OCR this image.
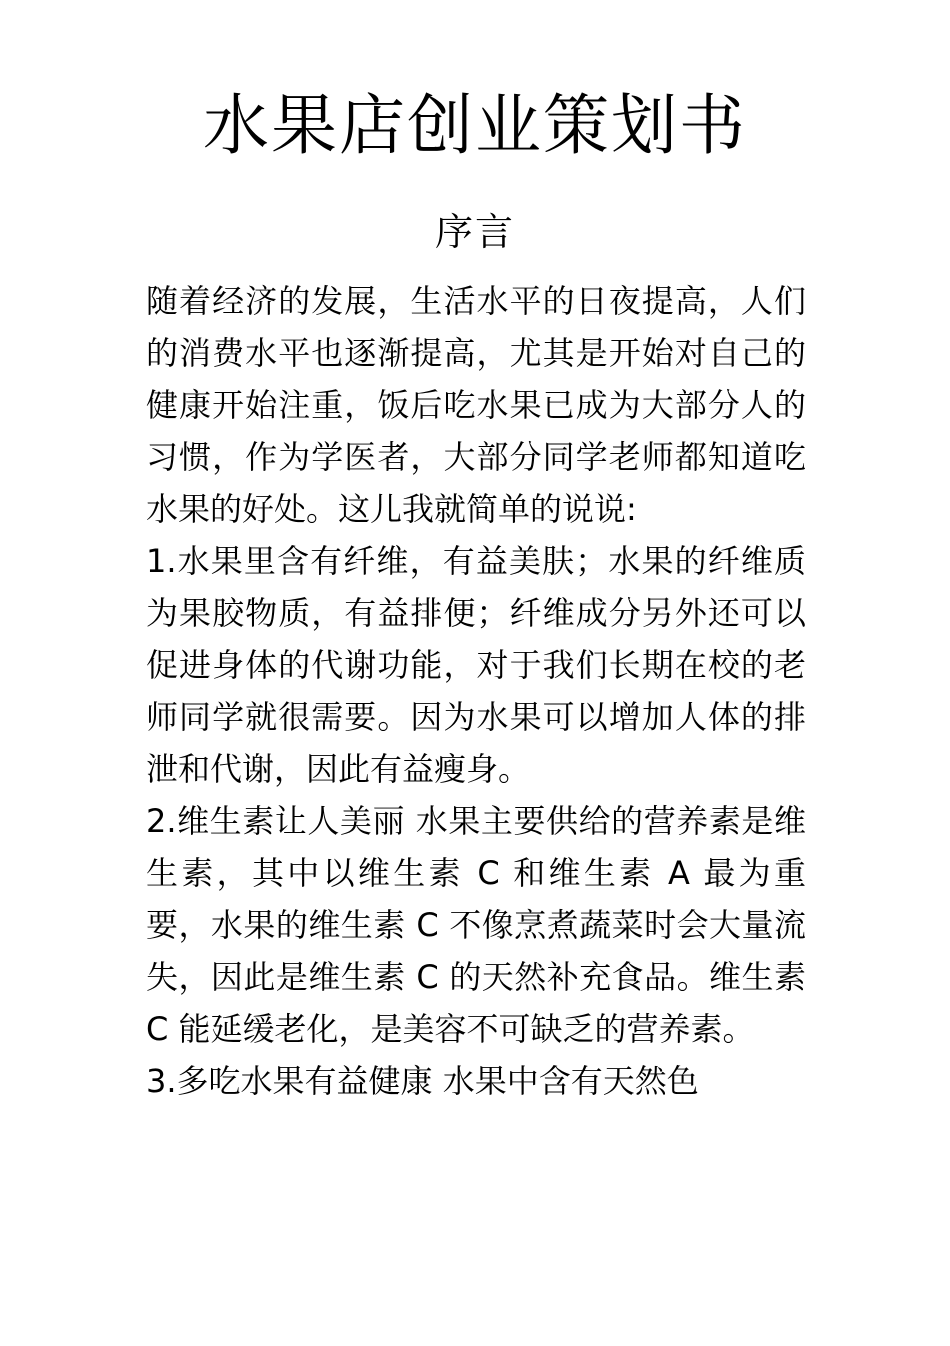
水果店创业策划书
序言

随着经济的发展，生活水平的日夜提高，人们的消费水平也逐渐提高，尤其是开始对自己的健康开始注重，饭后吃水果已成为大部分人的习惯，作为学医者，大部分同学老师都知道吃水果的好处。这儿我就简单的说说:

1.水果里含有纤维，有益美肤；水果的纤维质为果胶物质，有益排便；纤维成分另外还可以促进身体的代谢功能，对于我们长期在校的老师同学就很需要。因为水果可以增加人体的排泄和代谢，因此有益瘦身。

2.维生素让人美丽 水果主要供给的营养素是维生素，其中以维生素 C 和维生素 A 最为重要，水果的维生素 C 不像烹煮蔬菜时会大量流失，因此是维生素 C 的天然补充食品。维生素 C 能延缓老化，是美容不可缺乏的营养素。

3.多吃水果有益健康 水果中含有天然色
